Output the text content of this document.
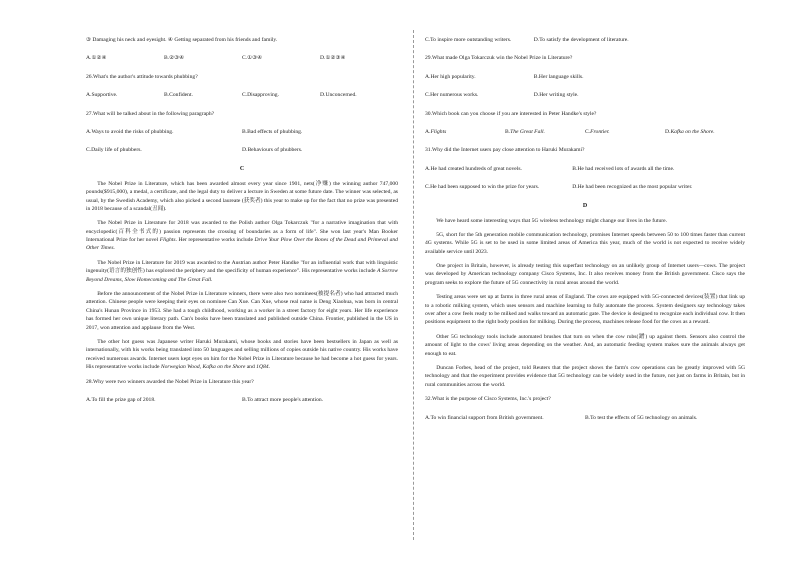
③ Damaging his neck and eyesight. ④ Getting separated from his friends and family.

A.①②④	B.②③④	C.①③④	D.①②③④

26.What's the author's attitude towards phubbing?

A.Supportive.	B.Confident.	C.Disapproving.	D.Unconcerned.

27.What will be talked about in the following paragraph?

A.Ways to avoid the risks of phubbing.	B.Bad effects of phubbing.
C.Daily life of phubbers.	D.Behaviours of phubbers.

C

The Nobel Prize in Literature, which has been awarded almost every year since 1901, nets(净赚) the winning author 747,000 pounds($915,000), a medal, a certificate, and the legal duty to deliver a lecture in Sweden at some future date. The winner was selected, as usual, by the Swedish Academy, which also picked a second laureate (获奖者) this year to make up for the fact that no prize was presented in 2018 because of a scandal(丑闻).

The Nobel Prize in Literature for 2018 was awarded to the Polish author Olga Tokarczuk "for a narrative imagination that with encyclopedic(百科全书式的) passion represents the crossing of boundaries as a form of life". She won last year's Man Booker International Prize for her novel Flights. Her representative works include Drive Your Plow Over the Bones of the Dead and Primeval and Other Times.

The Nobel Prize in Literature for 2019 was awarded to the Austrian author Peter Handke "for an influential work that with linguistic ingenuity(语言的独创性) has explored the periphery and the specificity of human experience". His representative works include A Sorrow Beyond Dreams, Slow Homecoming and The Great Fall.

Before the announcement of the Nobel Prize in Literature winners, there were also two nominees(被提名者) who had attracted much attention. Chinese people were keeping their eyes on nominee Can Xue. Can Xue, whose real name is Deng Xiaohua, was born in central China's Hunan Province in 1953. She had a tough childhood, working as a worker in a street factory for eight years. Her life experience has formed her own unique literary path. Can's books have been translated and published outside China. Frontier, published in the US in 2017, won attention and applause from the West.

The other hot guess was Japanese writer Haruki Murakami, whose books and stories have been bestsellers in Japan as well as internationally, with his works being translated into 50 languages and selling millions of copies outside his native country. His works have received numerous awards. Internet users kept eyes on him for the Nobel Prize in Literature because he had become a hot guess for years. His representative works include Norwegian Wood, Kafka on the Shore and 1Q84.

28.Why were two winners awarded the Nobel Prize in Literature this year?

A.To fill the prize gap of 2018.	B.To attract more people's attention.
C.To inspire more outstanding writers.	D.To satisfy the development of literature.

29.What made Olga Tokarczuk win the Nobel Prize in Literature?

A.Her high popularity.	B.Her language skills.
C.Her numerous works.	D.Her writing style.

30.Which book can you choose if you are interested in Peter Handke's style?

A.Flights	B.The Great Fall.	C.Frontier.	D.Kafka on the Shore.

31.Why did the Internet users pay close attention to Haruki Murakami?

A.He had created hundreds of great novels.	B.He had received lots of awards all the time.
C.He had been supposed to win the prize for years.	D.He had been recognized as the most popular writer.

D

We have heard some interesting ways that 5G wireless technology might change our lives in the future.

5G, short for the 5th generation mobile communication technology, promises Internet speeds between 50 to 100 times faster than current 4G systems. While 5G is set to be used in some limited areas of America this year, much of the world is not expected to receive widely available service until 2023.

One project in Britain, however, is already testing this superfast technology on an unlikely group of Internet users—cows. The project was developed by American technology company Cisco Systems, Inc. It also receives money from the British government. Cisco says the program seeks to explore the future of 5G connectivity in rural areas around the world.

Testing areas were set up at farms in three rural areas of England. The cows are equipped with 5G-connected devices(装置) that link up to a robotic milking system, which uses sensors and machine learning to fully automate the process. System designers say technology takes over after a cow feels ready to be milked and walks toward an automatic gate. The device is designed to recognize each individual cow. It then positions equipment to the right body position for milking. During the process, machines release food for the cows as a reward.

Other 5G technology tools include automated brushes that turn on when the cow rubs(蹭) up against them. Sensors also control the amount of light to the cows' living areas depending on the weather. And, an automatic feeding system makes sure the animals always get enough to eat.

Duncan Forbes, head of the project, told Reuters that the project shows the farm's cow operations can be greatly improved with 5G technology and that the experiment provides evidence that 5G technology can be widely used in the future, not just on farms in Britain, but in rural communities across the world.

32.What is the purpose of Cisco Systems, Inc.'s project?

A.To win financial support from British government.	B.To test the effects of 5G technology on animals.
